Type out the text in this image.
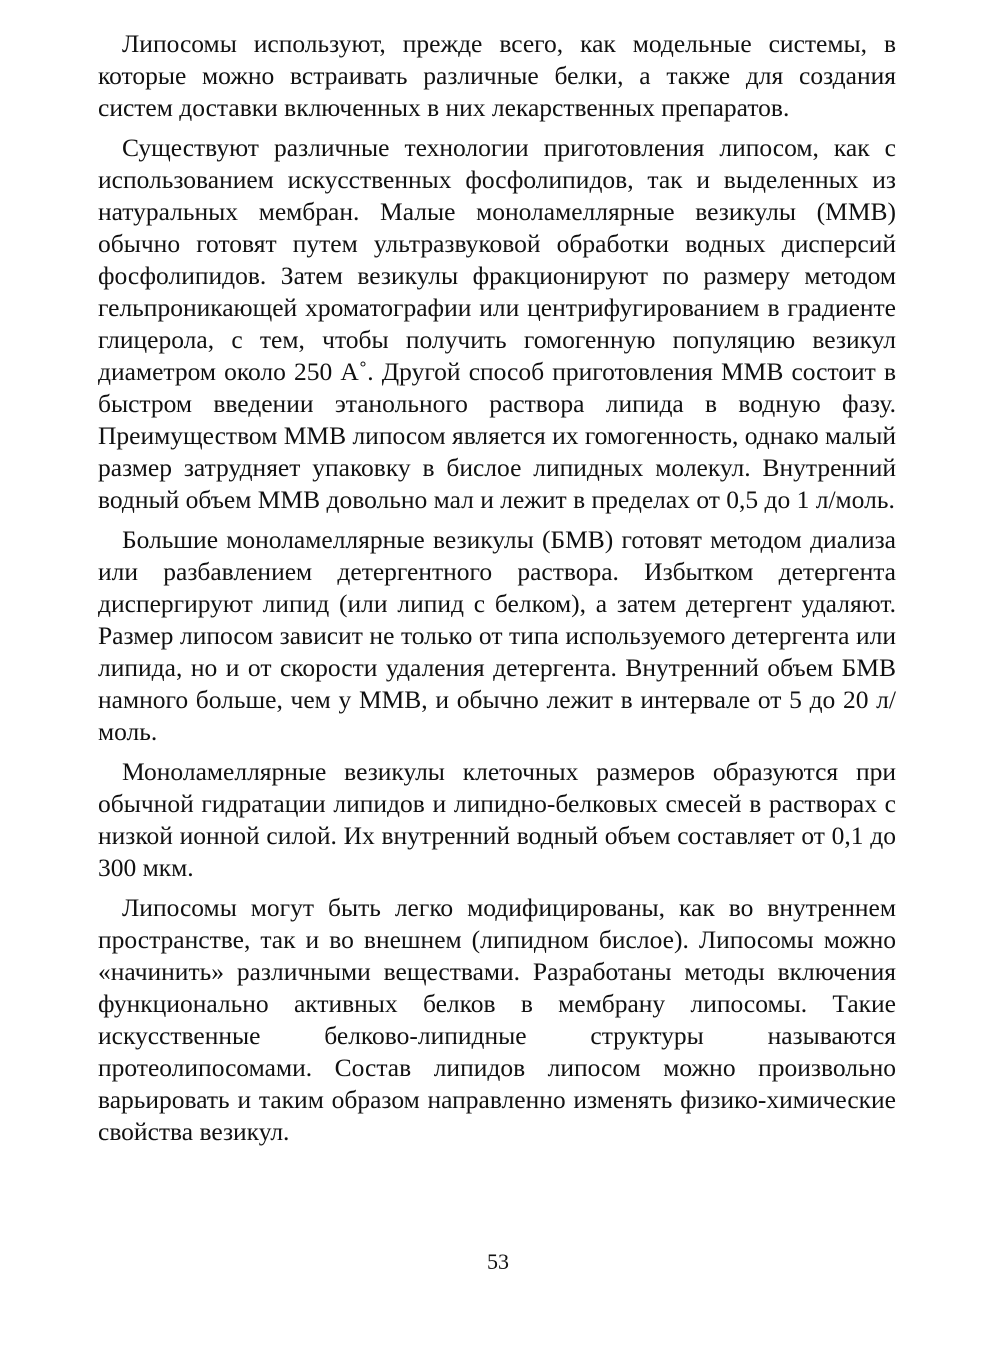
Липосомы используют, прежде всего, как модельные системы, в которые можно встраивать различные белки, а также для создания систем доставки включенных в них лекарственных препаратов.

Существуют различные технологии приготовления липосом, как с использованием искусственных фосфолипидов, так и выделенных из натуральных мембран. Малые моноламеллярные везикулы (ММВ) обычно готовят путем ультразвуковой обработки водных дисперсий фосфолипидов. Затем везикулы фракционируют по размеру методом гельпроникающей хроматографии или центрифугированием в градиенте глицерола, с тем, чтобы получить гомогенную популяцию везикул диаметром около 250 А˚. Другой способ приготовления ММВ состоит в быстром введении этанольного раствора липида в водную фазу. Преимуществом ММВ липосом является их гомогенность, однако малый размер затрудняет упаковку в бислое липидных молекул. Внутренний водный объем ММВ довольно мал и лежит в пределах от 0,5 до 1 л/моль.

Большие моноламеллярные везикулы (БМВ) готовят методом диализа или разбавлением детергентного раствора. Избытком детергента диспергируют липид (или липид с белком), а затем детергент удаляют. Размер липосом зависит не только от типа используемого детергента или липида, но и от скорости удаления детергента. Внутренний объем БМВ намного больше, чем у ММВ, и обычно лежит в интервале от 5 до 20 л/моль.

Моноламеллярные везикулы клеточных размеров образуются при обычной гидратации липидов и липидно-белковых смесей в растворах с низкой ионной силой. Их внутренний водный объем составляет от 0,1 до 300 мкм.

Липосомы могут быть легко модифицированы, как во внутреннем пространстве, так и во внешнем (липидном бислое). Липосомы можно «начинить» различными веществами. Разработаны методы включения функционально активных белков в мембрану липосомы. Такие искусственные белково-липидные структуры называются протеолипосомами. Состав липидов липосом можно произвольно варьировать и таким образом направленно изменять физико-химические свойства везикул.

53
